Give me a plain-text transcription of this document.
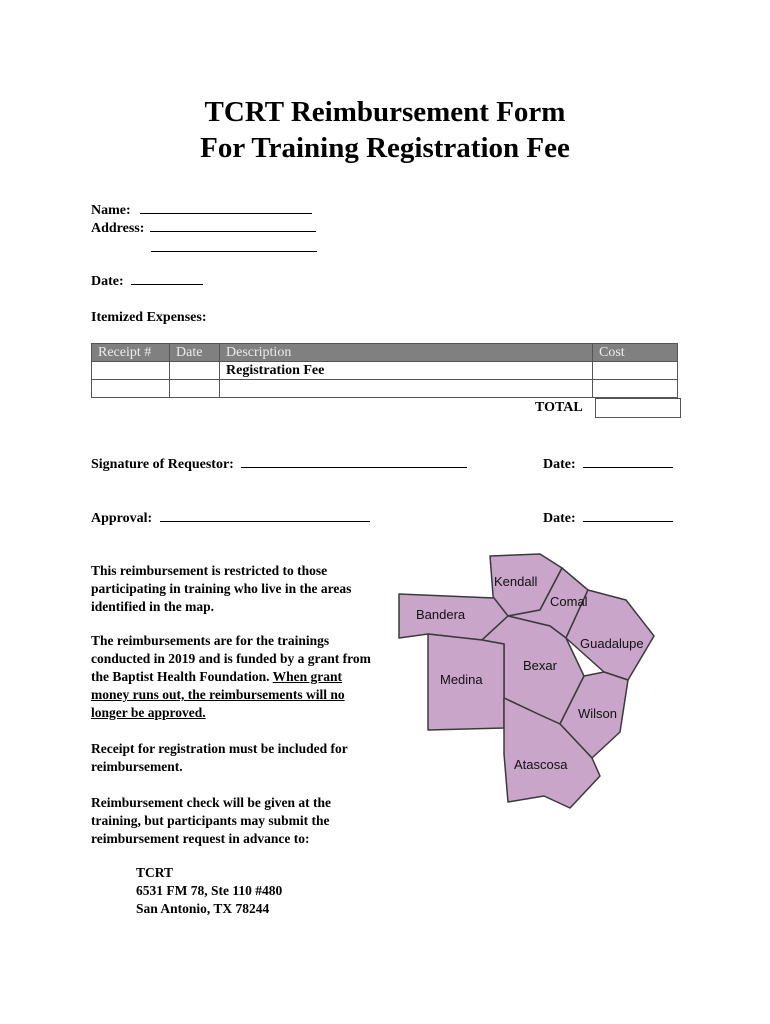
TCRT Reimbursement Form
For Training Registration Fee
Name:
Address:
Date:
Itemized Expenses:
Receipt #	Date	Description	Cost
		Registration Fee	

TOTAL
Signature of Requestor:	Date:
Approval:	Date:
This reimbursement is restricted to those participating in training who live in the areas identified in the map.
The reimbursements are for the trainings conducted in 2019 and is funded by a grant from the Baptist Health Foundation. When grant money runs out, the reimbursements will no longer be approved.
Receipt for registration must be included for reimbursement.
Reimbursement check will be given at the training, but participants may submit the reimbursement request in advance to:
TCRT
6531 FM 78, Ste 110 #480
San Antonio, TX 78244
Kendall
Comal
Bandera
Guadalupe
Bexar
Medina
Wilson
Atascosa
